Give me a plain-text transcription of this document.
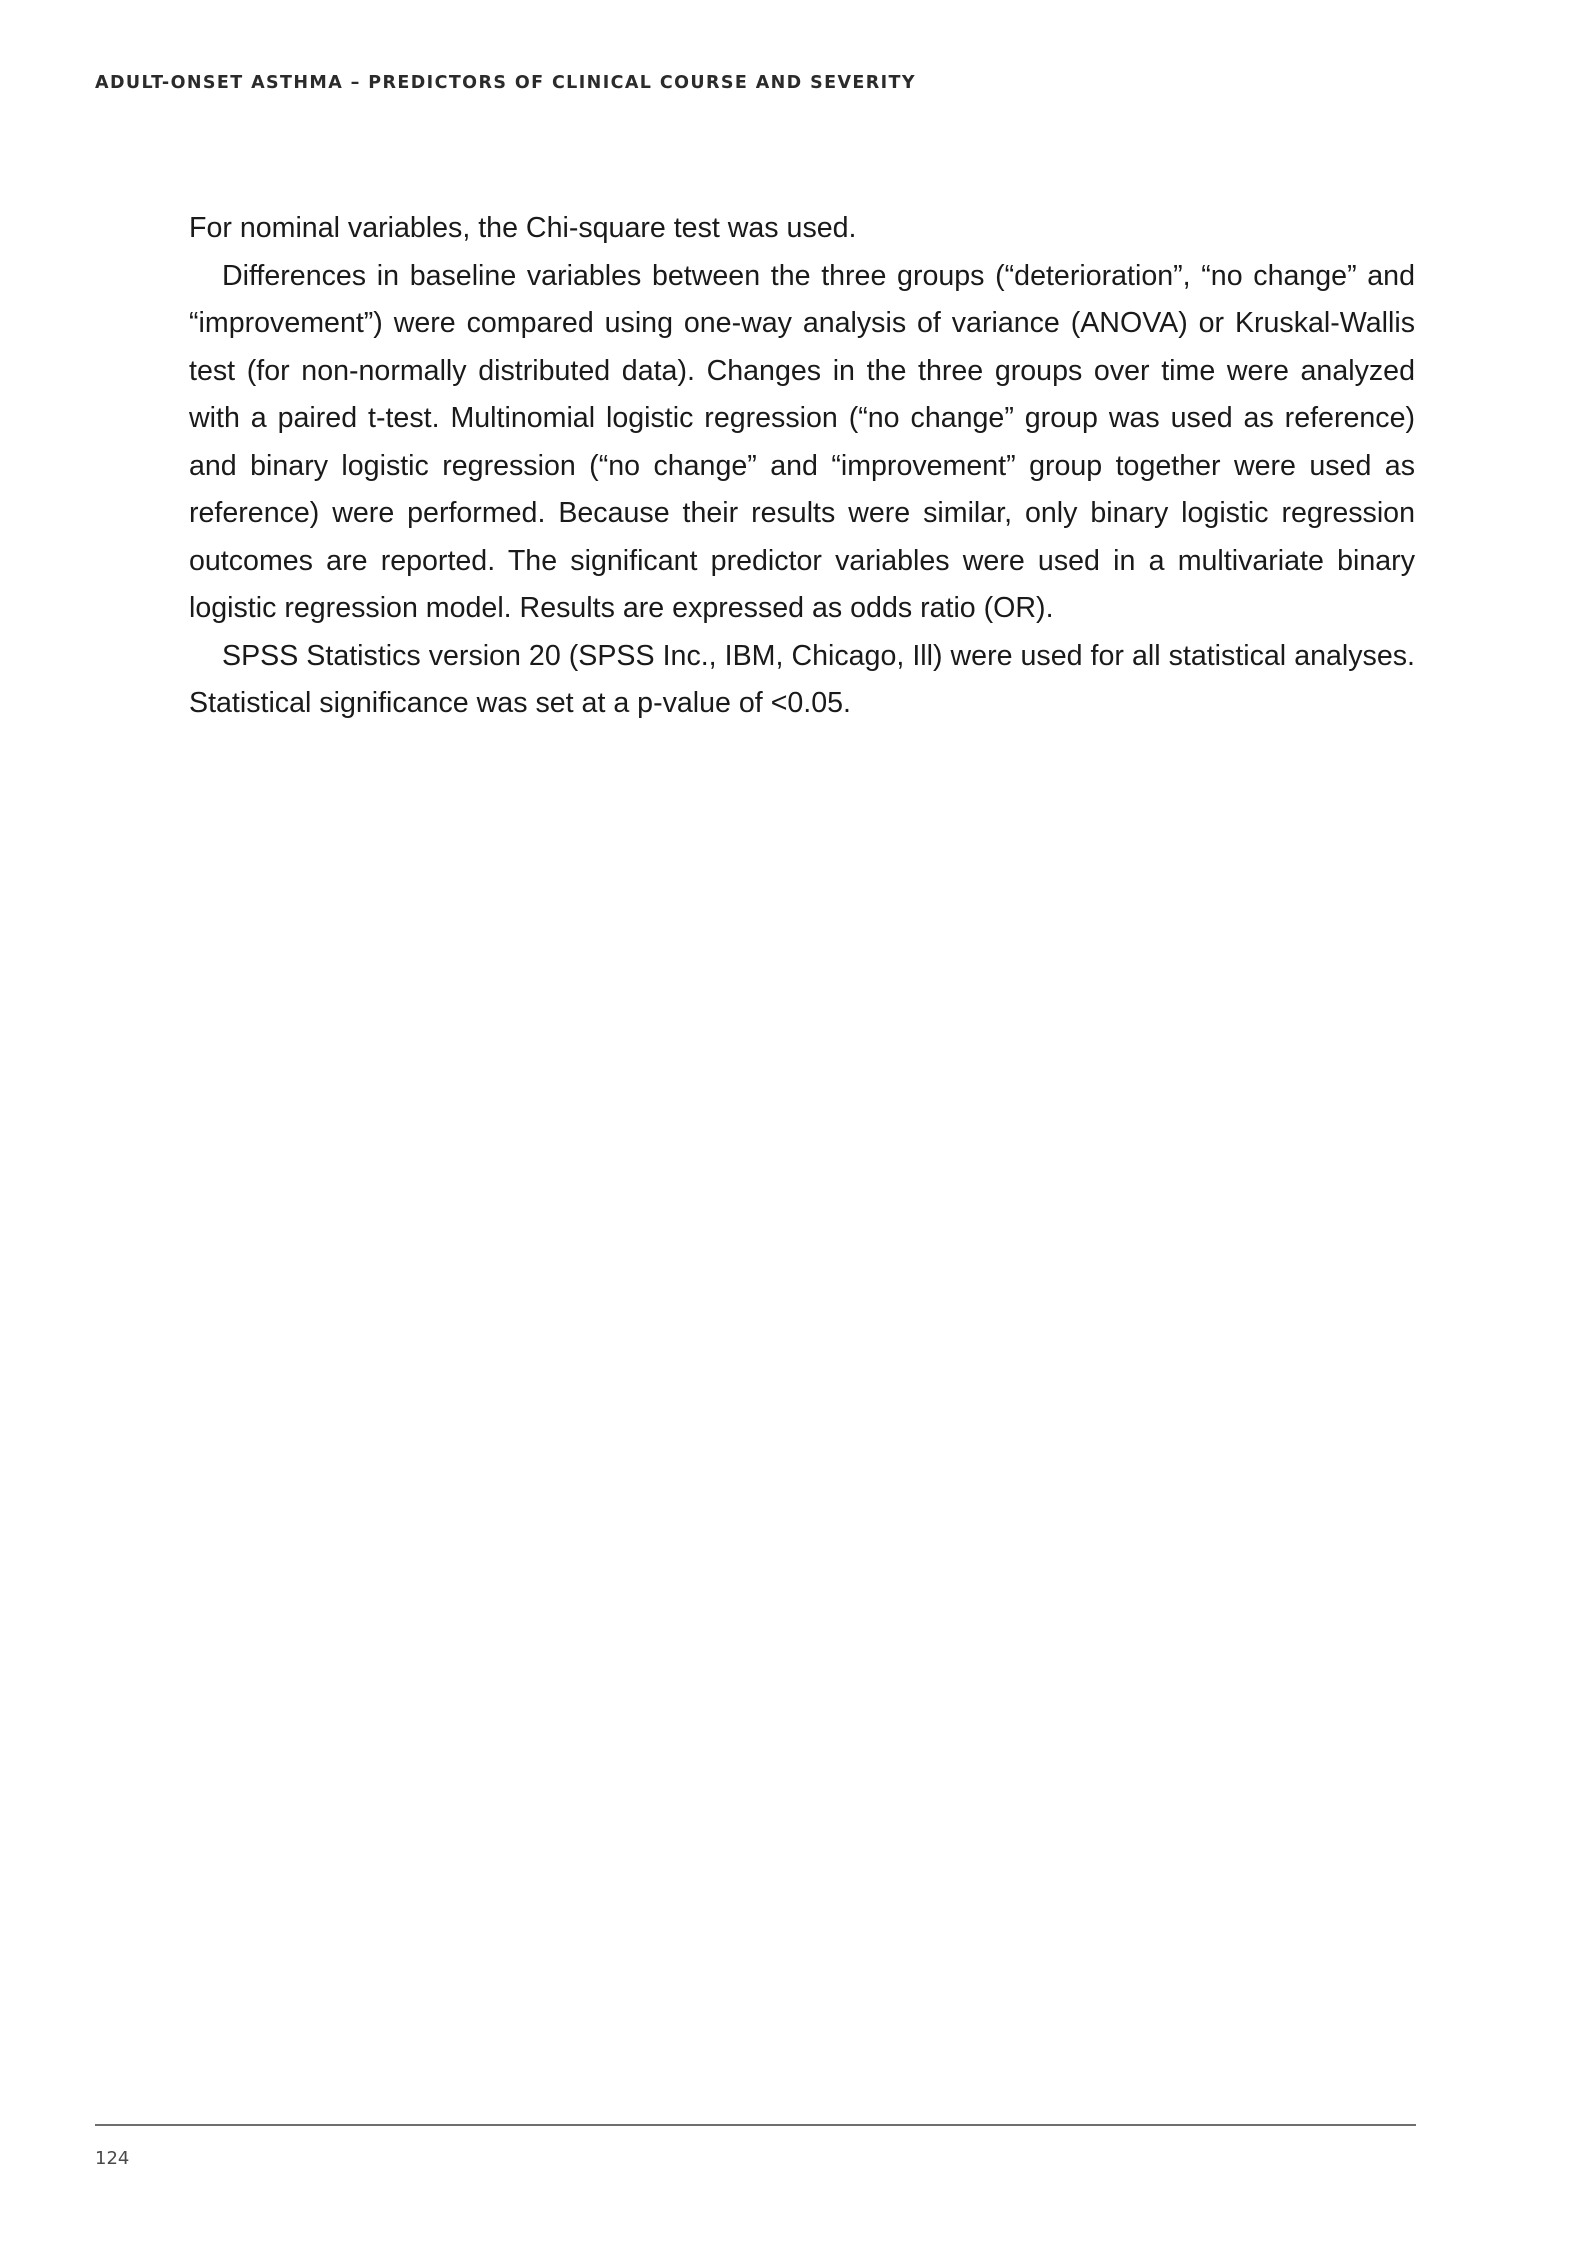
ADULT-ONSET ASTHMA – PREDICTORS OF CLINICAL COURSE AND SEVERITY

For nominal variables, the Chi-square test was used.

Differences in baseline variables between the three groups (“deterioration”, “no change” and “improvement”) were compared using one-way analysis of variance (ANOVA) or Kruskal-Wallis test (for non-normally distributed data). Changes in the three groups over time were analyzed with a paired t-test. Multinomial logistic regression (“no change” group was used as reference) and binary logistic regression (“no change” and “improvement” group together were used as reference) were performed. Because their results were similar, only binary logistic regression outcomes are reported. The significant predictor variables were used in a multivariate binary logistic regression model. Results are expressed as odds ratio (OR).

SPSS Statistics version 20 (SPSS Inc., IBM, Chicago, Ill) were used for all statistical analyses. Statistical significance was set at a p-value of <0.05.

124
